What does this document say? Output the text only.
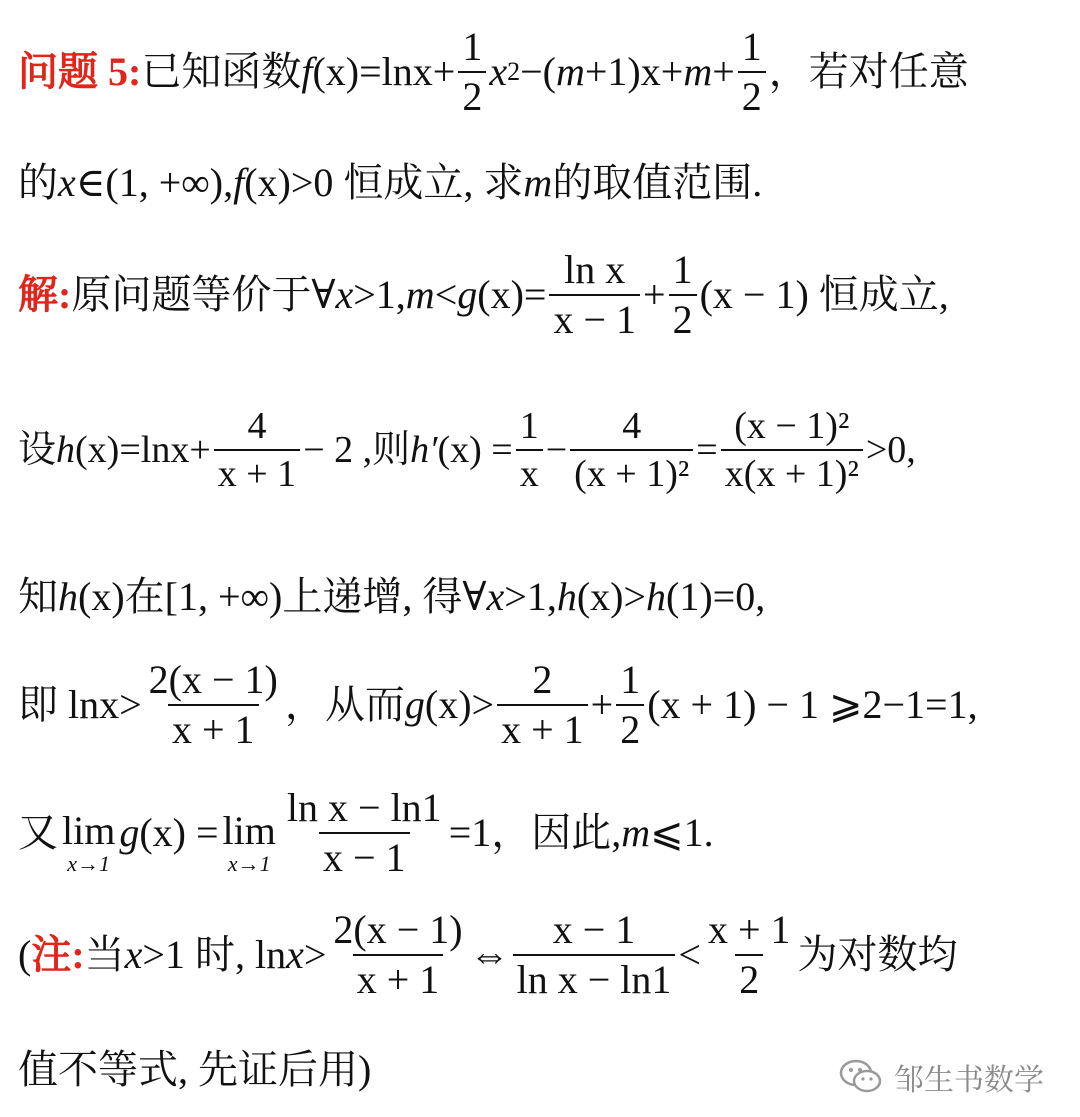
问题 5: 已知函数 f $(x)=\ln x+ \frac{1}{2}$ x 2 −( m +1) $x+ m + \frac{1}{2}$ ，若对任意
的 x ∈(1, +∞), f (x)>0 恒成立, 求 m 的取值范围.
解: 原问题等价于∀ x >1, m < g $(x)= \frac{\text{ln x}}{x - 1} + \frac{1}{2} (x - 1)$ 恒成立,
设 h $(x)=\ln x+ \frac{4}{x + 1} - 2$ ,则 h′ $(x) = \frac{1}{x} - \frac{4}{\text{(x + 1)²}} = \frac{\text{(x − 1)²}}{\text{x(x + 1)²}} >0$,
知 h (x)在[1, +∞)上递增, 得∀ x >1, h (x)> h (1)=0,
即 $\ln x> \frac{2(x - 1)}{x + 1}$ ，从而 g $(x)> \frac{2}{x + 1} + \frac{1}{2} (x + 1) - 1$ ⩾2−1=1,
又 lim
x→1
g (x) = lim
$x\to 1 \frac{\text{ln x − ln1}}{x - 1} =1$，因此, m ⩽1.
( 注: 当 x >1 时, $\ln x > \frac{2(x - 1)}{x + 1}$ ⇔ $\frac{x - 1}{\text{ln x − ln1}} < \frac{x + 1}{2}$ 为对数均
值不等式, 先证后用)	邹生书数学
